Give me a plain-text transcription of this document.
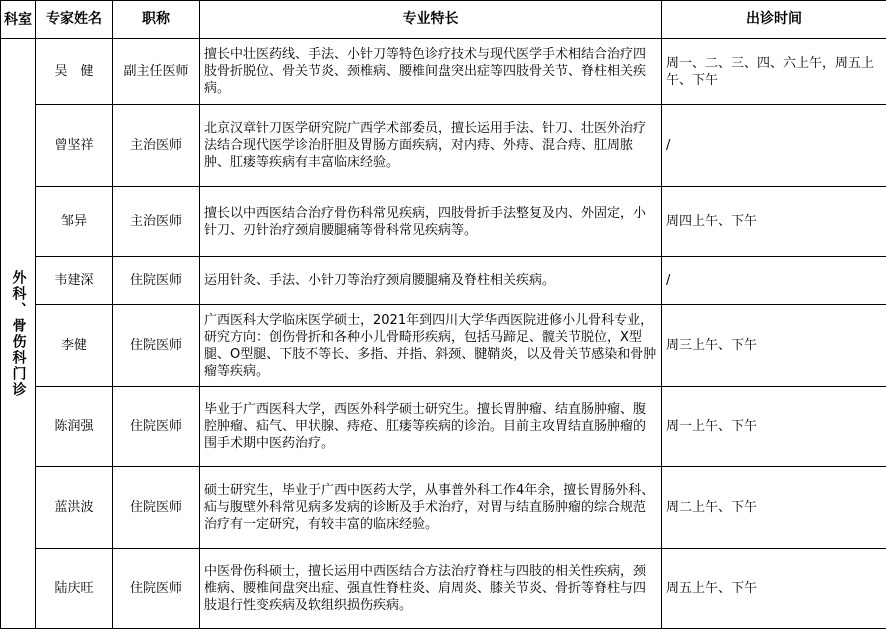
科室	专家姓名	职称	专业特长	出诊时间
外科、骨伤科门诊	吴　健	副主任医师	擅长中壮医药线、手法、小针刀等特色诊疗技术与现代医学手术相结合治疗四肢骨折脱位、骨关节炎、颈椎病、腰椎间盘突出症等四肢骨关节、脊柱相关疾病。	周一、二、三、四、六上午，周五上午、下午
	曾坚祥	主治医师	北京汉章针刀医学研究院广西学术部委员，擅长运用手法、针刀、壮医外治疗法结合现代医学诊治肝胆及胃肠方面疾病，对内痔、外痔、混合痔、肛周脓肿、肛瘘等疾病有丰富临床经验。	/
	邹异	主治医师	擅长以中西医结合治疗骨伤科常见疾病，四肢骨折手法整复及内、外固定，小针刀、刃针治疗颈肩腰腿痛等骨科常见疾病等。	周四上午、下午
	韦建深	住院医师	运用针灸、手法、小针刀等治疗颈肩腰腿痛及脊柱相关疾病。	/
	李健	住院医师	广西医科大学临床医学硕士，2021年到四川大学华西医院进修小儿骨科专业，研究方向：创伤骨折和各种小儿骨畸形疾病，包括马蹄足、髋关节脱位，X型腿、O型腿、下肢不等长、多指、并指、斜颈、腱鞘炎，以及骨关节感染和骨肿瘤等疾病。	周三上午、下午
	陈润强	住院医师	毕业于广西医科大学，西医外科学硕士研究生。擅长胃肿瘤、结直肠肿瘤、腹腔肿瘤、疝气、甲状腺、痔疮、肛瘘等疾病的诊治。目前主攻胃结直肠肿瘤的围手术期中医药治疗。	周一上午、下午
	蓝洪波	住院医师	硕士研究生，毕业于广西中医药大学，从事普外科工作4年余，擅长胃肠外科、疝与腹壁外科常见病多发病的诊断及手术治疗，对胃与结直肠肿瘤的综合规范治疗有一定研究，有较丰富的临床经验。	周二上午、下午
	陆庆旺	住院医师	中医骨伤科硕士，擅长运用中西医结合方法治疗脊柱与四肢的相关性疾病，颈椎病、腰椎间盘突出症、强直性脊柱炎、肩周炎、膝关节炎、骨折等脊柱与四肢退行性变疾病及软组织损伤疾病。	周五上午、下午
